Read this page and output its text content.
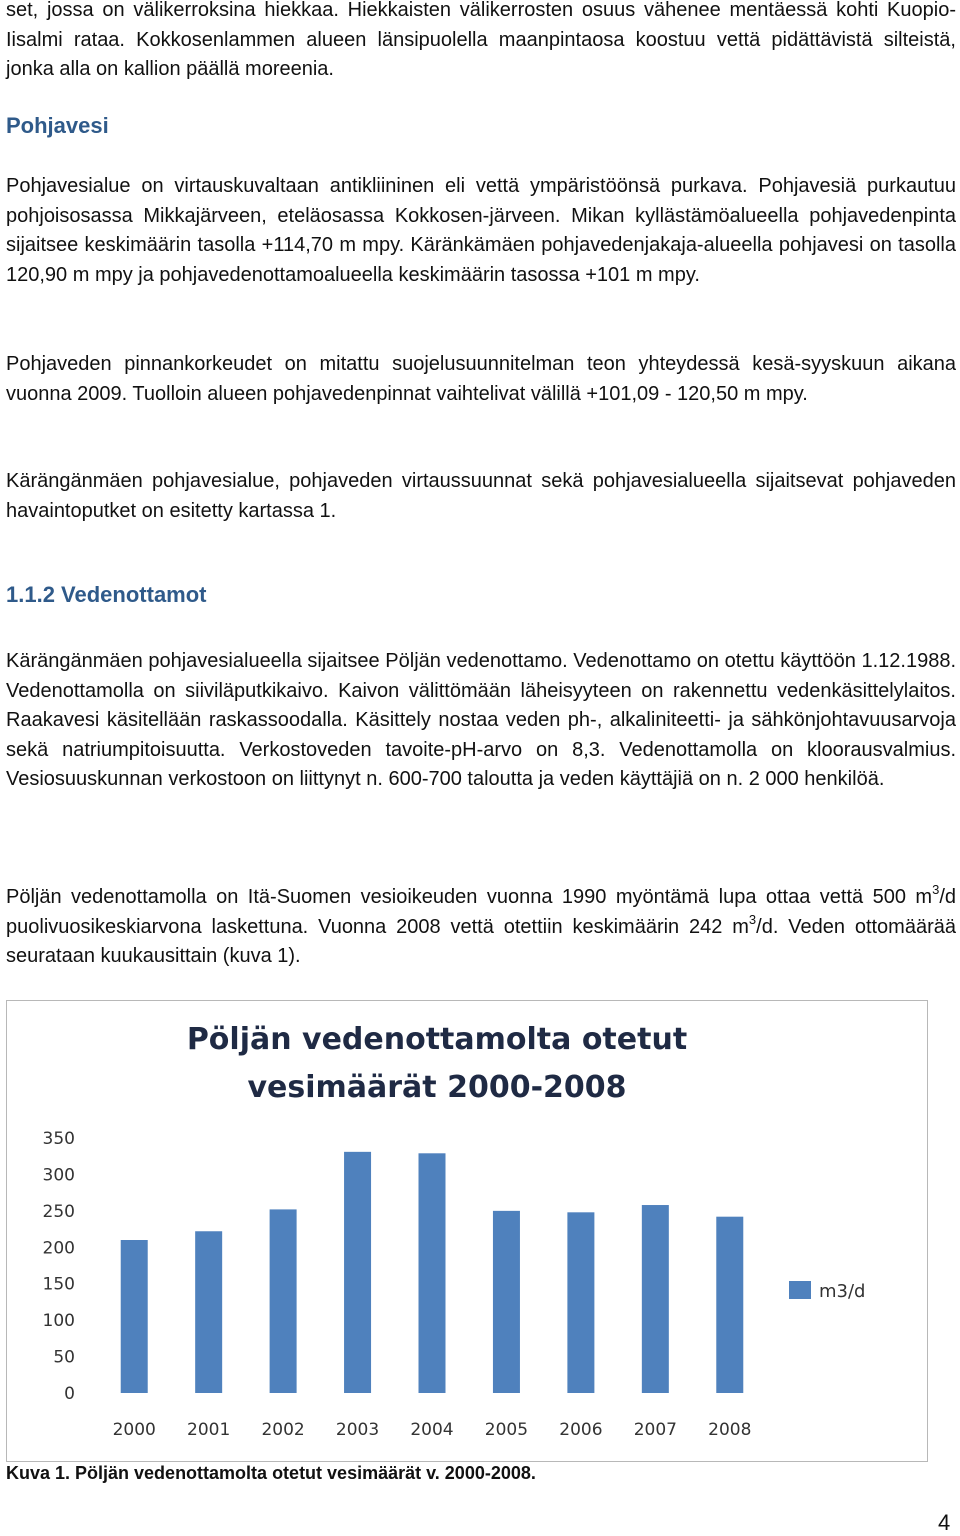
set, jossa on välikerroksina hiekkaa. Hiekkaisten välikerrosten osuus vähenee mentäessä kohti Kuopio-Iisalmi rataa. Kokkosenlammen alueen länsipuolella maanpintaosa koostuu vettä pidättävistä silteistä, jonka alla on kallion päällä moreenia.

Pohjavesi

Pohjavesialue on virtauskuvaltaan antikliininen eli vettä ympäristöönsä purkava. Pohjavesiä purkautuu pohjoisosassa Mikkajärveen, eteläosassa Kokkosen-järveen. Mikan kyllästämöalueella pohjavedenpinta sijaitsee keskimäärin tasolla +114,70 m mpy. Käränkämäen pohjavedenjakaja-alueella pohjavesi on tasolla 120,90 m mpy ja pohjavedenottamoalueella keskimäärin tasossa +101 m mpy.

Pohjaveden pinnankorkeudet on mitattu suojelusuunnitelman teon yhteydessä kesä-syyskuun aikana vuonna 2009. Tuolloin alueen pohjavedenpinnat vaihtelivat välillä +101,09 - 120,50 m mpy.

Kärängänmäen pohjavesialue, pohjaveden virtaussuunnat sekä pohjavesialueella sijaitsevat pohjaveden havaintoputket on esitetty kartassa 1.

1.1.2 Vedenottamot

Kärängänmäen pohjavesialueella sijaitsee Pöljän vedenottamo. Vedenottamo on otettu käyttöön 1.12.1988. Vedenottamolla on siiviläputkikaivo. Kaivon välittömään läheisyyteen on rakennettu vedenkäsittelylaitos. Raakavesi käsitellään raskassoodalla. Käsittely nostaa veden ph-, alkaliniteetti- ja sähkönjohtavuusarvoja sekä natriumpitoisuutta. Verkostoveden tavoite-pH-arvo on 8,3. Vedenottamolla on kloorausvalmius. Vesiosuuskunnan verkostoon on liittynyt n. 600-700 taloutta ja veden käyttäjiä on n. 2 000 henkilöä.

Pöljän vedenottamolla on Itä-Suomen vesioikeuden vuonna 1990 myöntämä lupa ottaa vettä 500 $m^3/d$ puolivuosikeskiarvona laskettuna. Vuonna 2008 vettä otettiin keskimäärin 242 $m^3/d$. Veden ottomäärää seurataan kuukausittain (kuva 1).

Pöljän vedenottamolta otetut
vesimäärät 2000-2008
0
50
100
150
200
250
300
350
2000 2001 2002 2003 2004 2005 2006 2007 2008
m3/d

Kuva 1. Pöljän vedenottamolta otetut vesimäärät v. 2000-2008.

4
